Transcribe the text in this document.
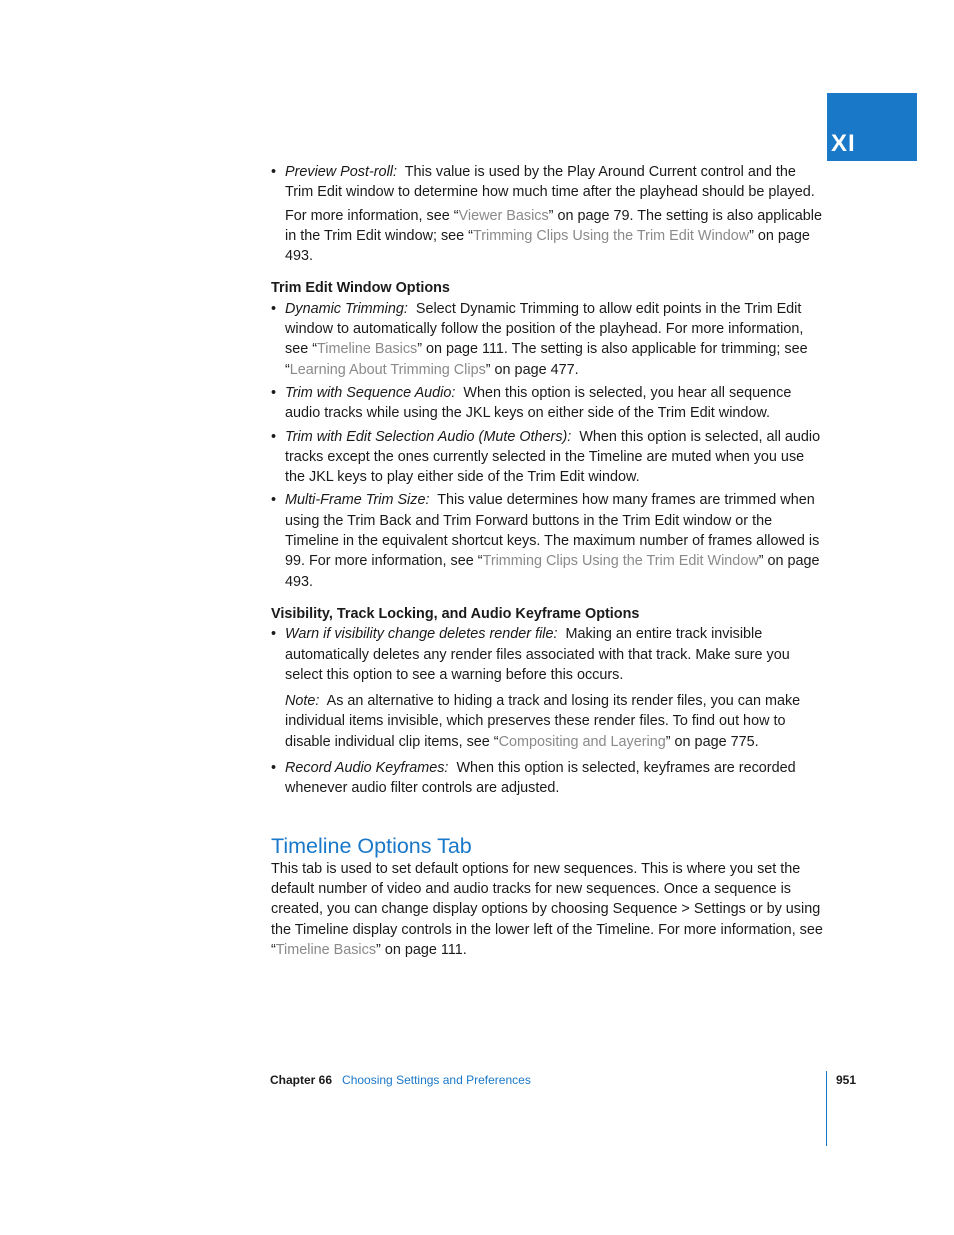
XI
• Preview Post-roll: This value is used by the Play Around Current control and the Trim Edit window to determine how much time after the playhead should be played.

For more information, see “Viewer Basics” on page 79. The setting is also applicable in the Trim Edit window; see “Trimming Clips Using the Trim Edit Window” on page 493.

Trim Edit Window Options

• Dynamic Trimming: Select Dynamic Trimming to allow edit points in the Trim Edit window to automatically follow the position of the playhead. For more information, see “Timeline Basics” on page 111. The setting is also applicable for trimming; see “Learning About Trimming Clips” on page 477.
• Trim with Sequence Audio: When this option is selected, you hear all sequence audio tracks while using the JKL keys on either side of the Trim Edit window.
• Trim with Edit Selection Audio (Mute Others): When this option is selected, all audio tracks except the ones currently selected in the Timeline are muted when you use the JKL keys to play either side of the Trim Edit window.
• Multi-Frame Trim Size: This value determines how many frames are trimmed when using the Trim Back and Trim Forward buttons in the Trim Edit window or the Timeline in the equivalent shortcut keys. The maximum number of frames allowed is 99. For more information, see “Trimming Clips Using the Trim Edit Window” on page 493.

Visibility, Track Locking, and Audio Keyframe Options

• Warn if visibility change deletes render file: Making an entire track invisible automatically deletes any render files associated with that track. Make sure you select this option to see a warning before this occurs.

Note: As an alternative to hiding a track and losing its render files, you can make individual items invisible, which preserves these render files. To find out how to disable individual clip items, see “Compositing and Layering” on page 775.

• Record Audio Keyframes: When this option is selected, keyframes are recorded whenever audio filter controls are adjusted.
Timeline Options Tab

This tab is used to set default options for new sequences. This is where you set the default number of video and audio tracks for new sequences. Once a sequence is created, you can change display options by choosing Sequence > Settings or by using the Timeline display controls in the lower left of the Timeline. For more information, see “Timeline Basics” on page 111.

Chapter 66 Choosing Settings and Preferences	951
